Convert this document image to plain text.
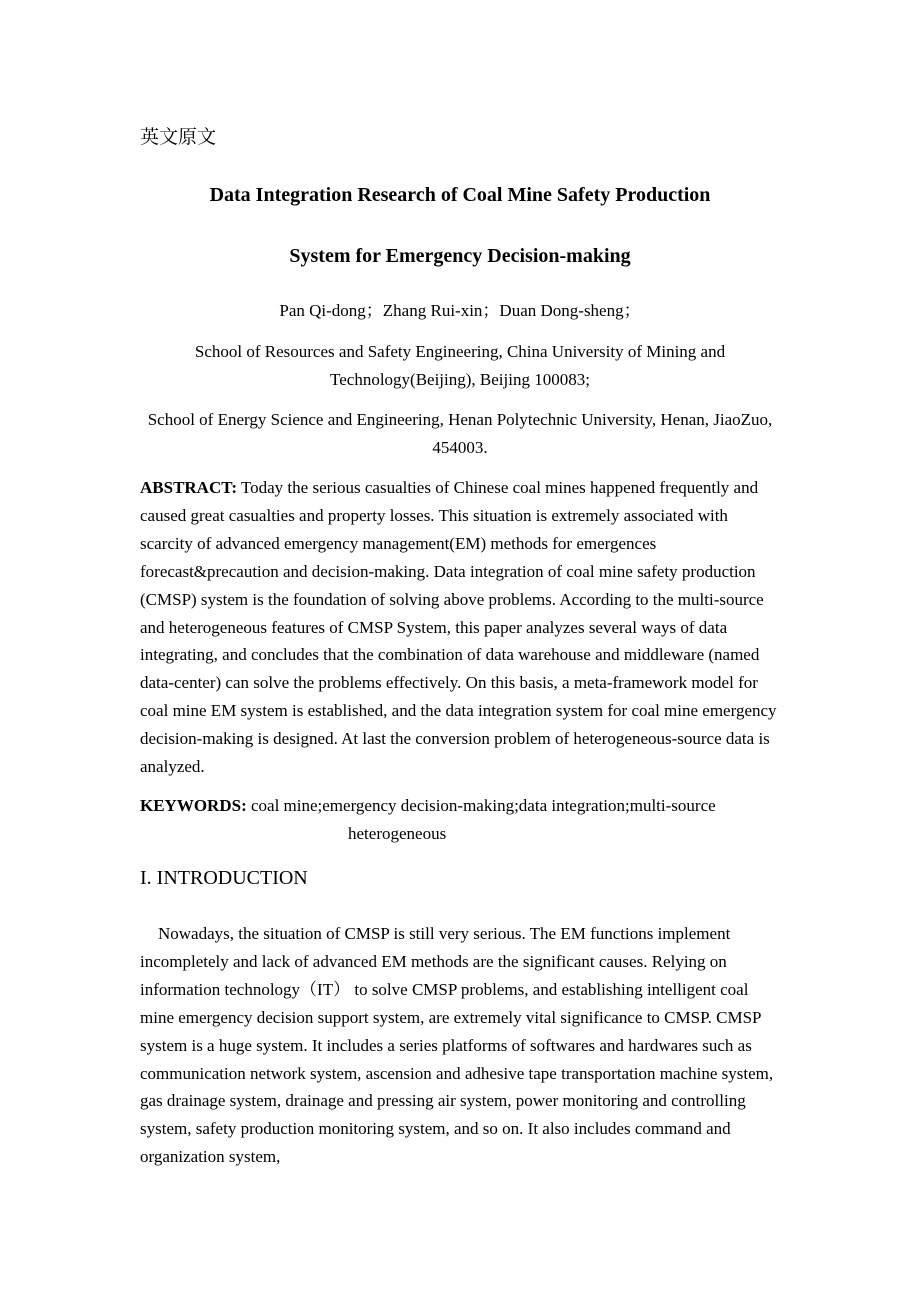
英文原文
Data Integration Research of Coal Mine Safety Production
System for Emergency Decision-making
Pan Qi-dong；Zhang Rui-xin；Duan Dong-sheng；
School of Resources and Safety Engineering, China University of Mining and Technology(Beijing), Beijing 100083;
School of Energy Science and Engineering, Henan Polytechnic University, Henan, JiaoZuo, 454003.

ABSTRACT: Today the serious casualties of Chinese coal mines happened frequently and caused great casualties and property losses. This situation is extremely associated with scarcity of advanced emergency management(EM) methods for emergences forecast&precaution and decision-making. Data integration of coal mine safety production (CMSP) system is the foundation of solving above problems. According to the multi-source and heterogeneous features of CMSP System, this paper analyzes several ways of data integrating, and concludes that the combination of data warehouse and middleware (named data-center) can solve the problems effectively. On this basis, a meta-framework model for coal mine EM system is established, and the data integration system for coal mine emergency decision-making is designed. At last the conversion problem of heterogeneous-source data is analyzed.

KEYWORDS: coal mine;emergency decision-making;data integration;multi-source

heterogeneous
I. INTRODUCTION

Nowadays, the situation of CMSP is still very serious. The EM functions implement incompletely and lack of advanced EM methods are the significant causes. Relying on information technology（IT） to solve CMSP problems, and establishing intelligent coal mine emergency decision support system, are extremely vital significance to CMSP. CMSP system is a huge system. It includes a series platforms of softwares and hardwares such as communication network system, ascension and adhesive tape transportation machine system, gas drainage system, drainage and pressing air system, power monitoring and controlling system, safety production monitoring system, and so on. It also includes command and organization system,
